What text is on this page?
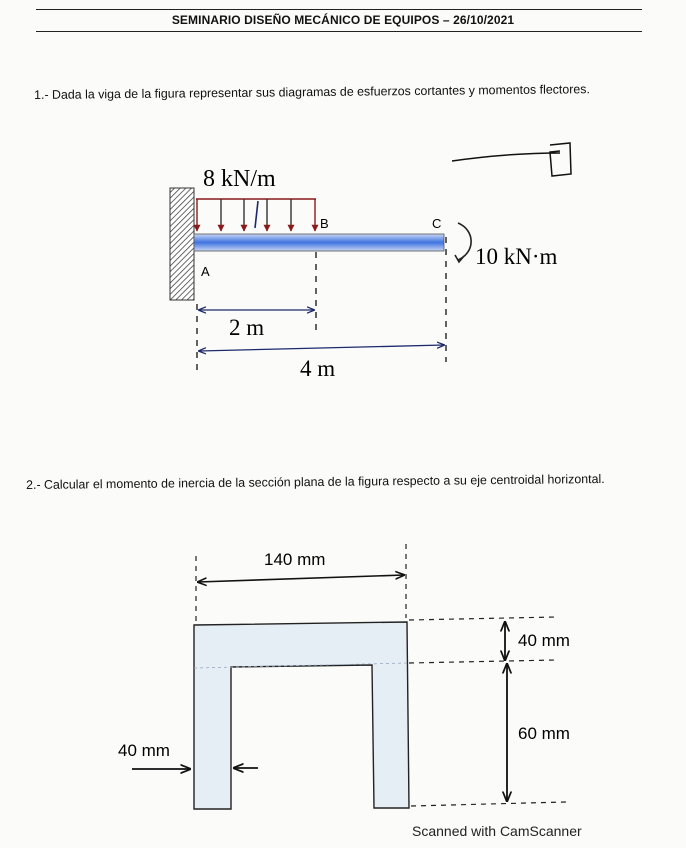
SEMINARIO DISEÑO MECÁNICO DE EQUIPOS – 26/10/2021
1.- Dada la viga de la figura representar sus diagramas de esfuerzos cortantes y momentos flectores.
8 kN/m
A
B	C
10 kN·m
2 m
4 m
2.- Calcular el momento de inercia de la sección plana de la figura respecto a su eje centroidal horizontal.
140 mm
40 mm
60 mm
40 mm
Scanned with CamScanner
